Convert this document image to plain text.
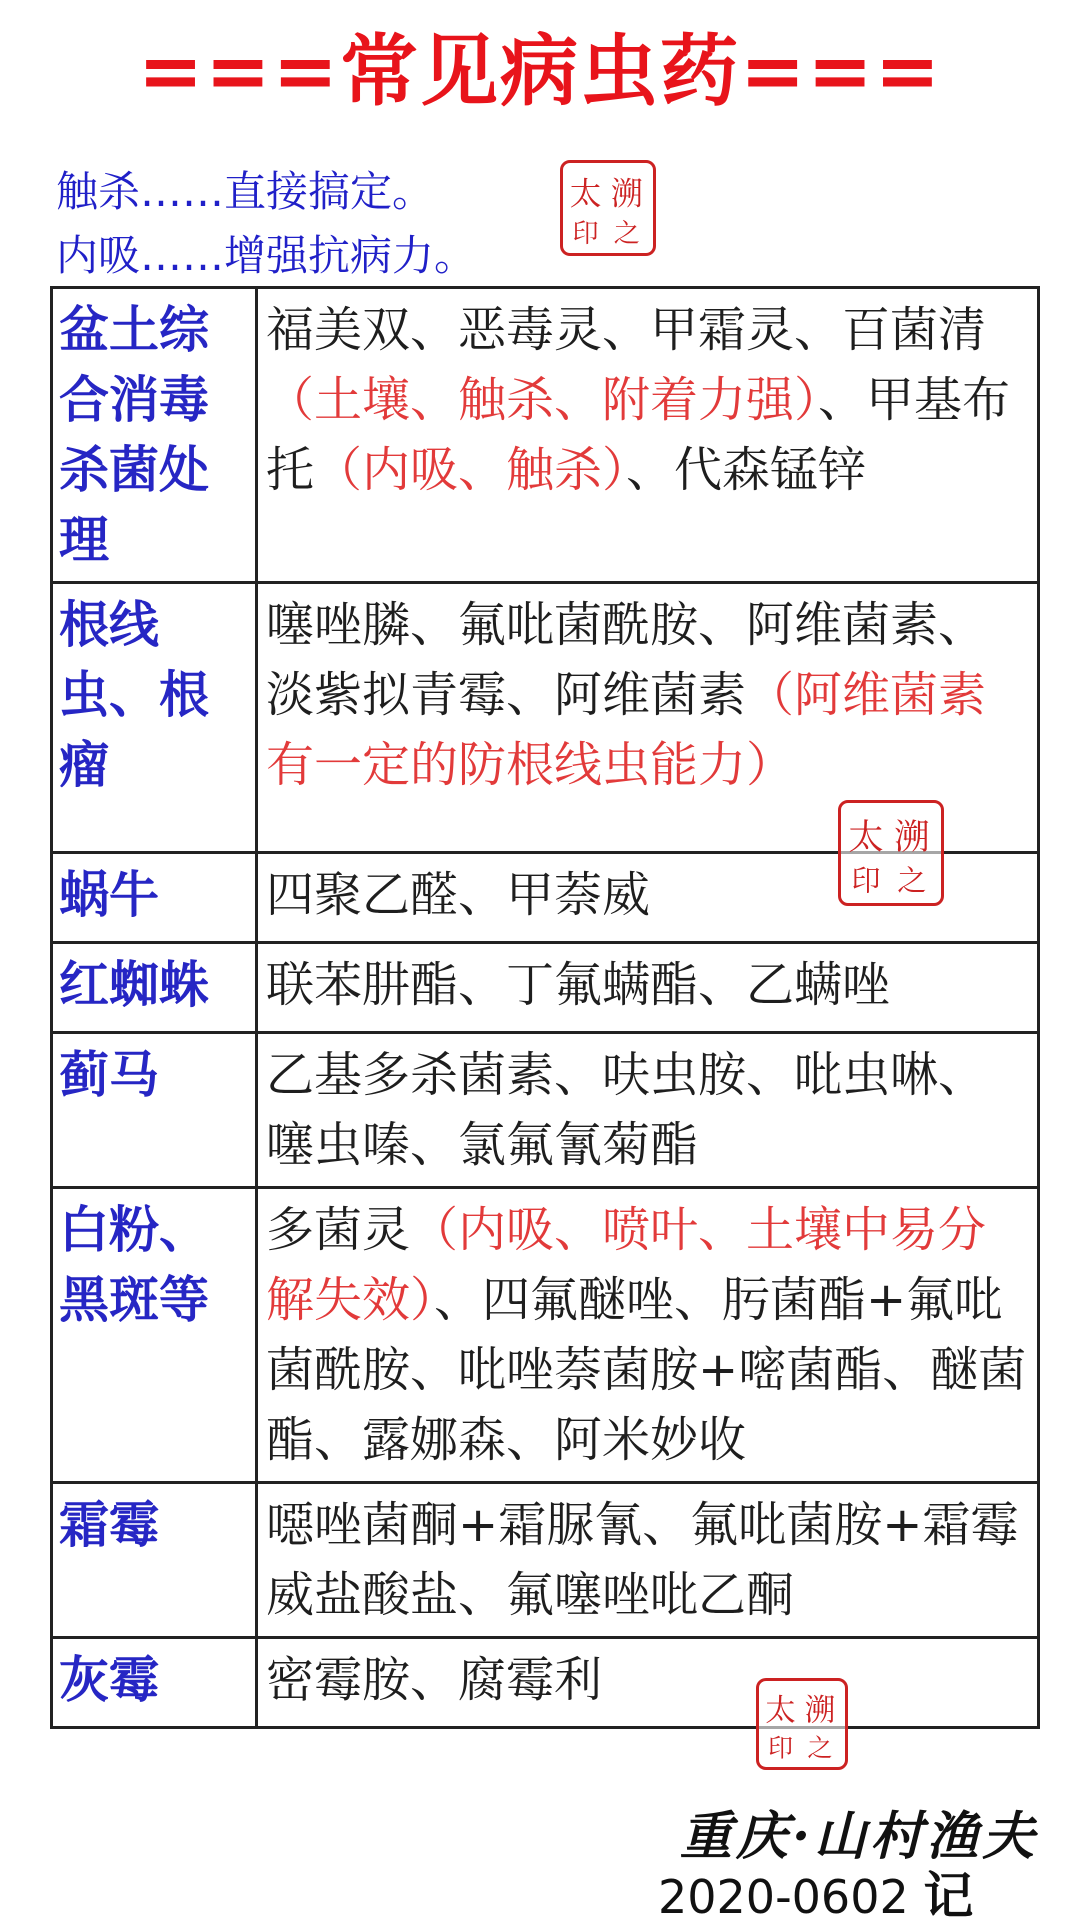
===常见病虫药===
触杀……直接搞定。
内吸……增强抗病力。
太 溯
印 之
盆土综合消毒杀菌处理	福美双、恶毒灵、甲霜灵、百菌清（土壤、触杀、附着力强）、甲基布托（内吸、触杀）、代森锰锌
根线虫、根瘤	噻唑膦、氟吡菌酰胺、阿维菌素、淡紫拟青霉、阿维菌素（阿维菌素有一定的防根线虫能力）
蜗牛	四聚乙醛、甲萘威
红蜘蛛	联苯肼酯、丁氟螨酯、乙螨唑
蓟马	乙基多杀菌素、呋虫胺、吡虫啉、噻虫嗪、氯氟氰菊酯
白粉、黑斑等	多菌灵（内吸、喷叶、土壤中易分解失效）、四氟醚唑、肟菌酯+氟吡菌酰胺、吡唑萘菌胺+嘧菌酯、醚菌酯、露娜森、阿米妙收
霜霉	噁唑菌酮+霜脲氰、氟吡菌胺+霜霉威盐酸盐、氟噻唑吡乙酮
灰霉	密霉胺、腐霉利
太 溯
印 之
太 溯
印 之
重庆·山村渔夫
2020-0602 记
